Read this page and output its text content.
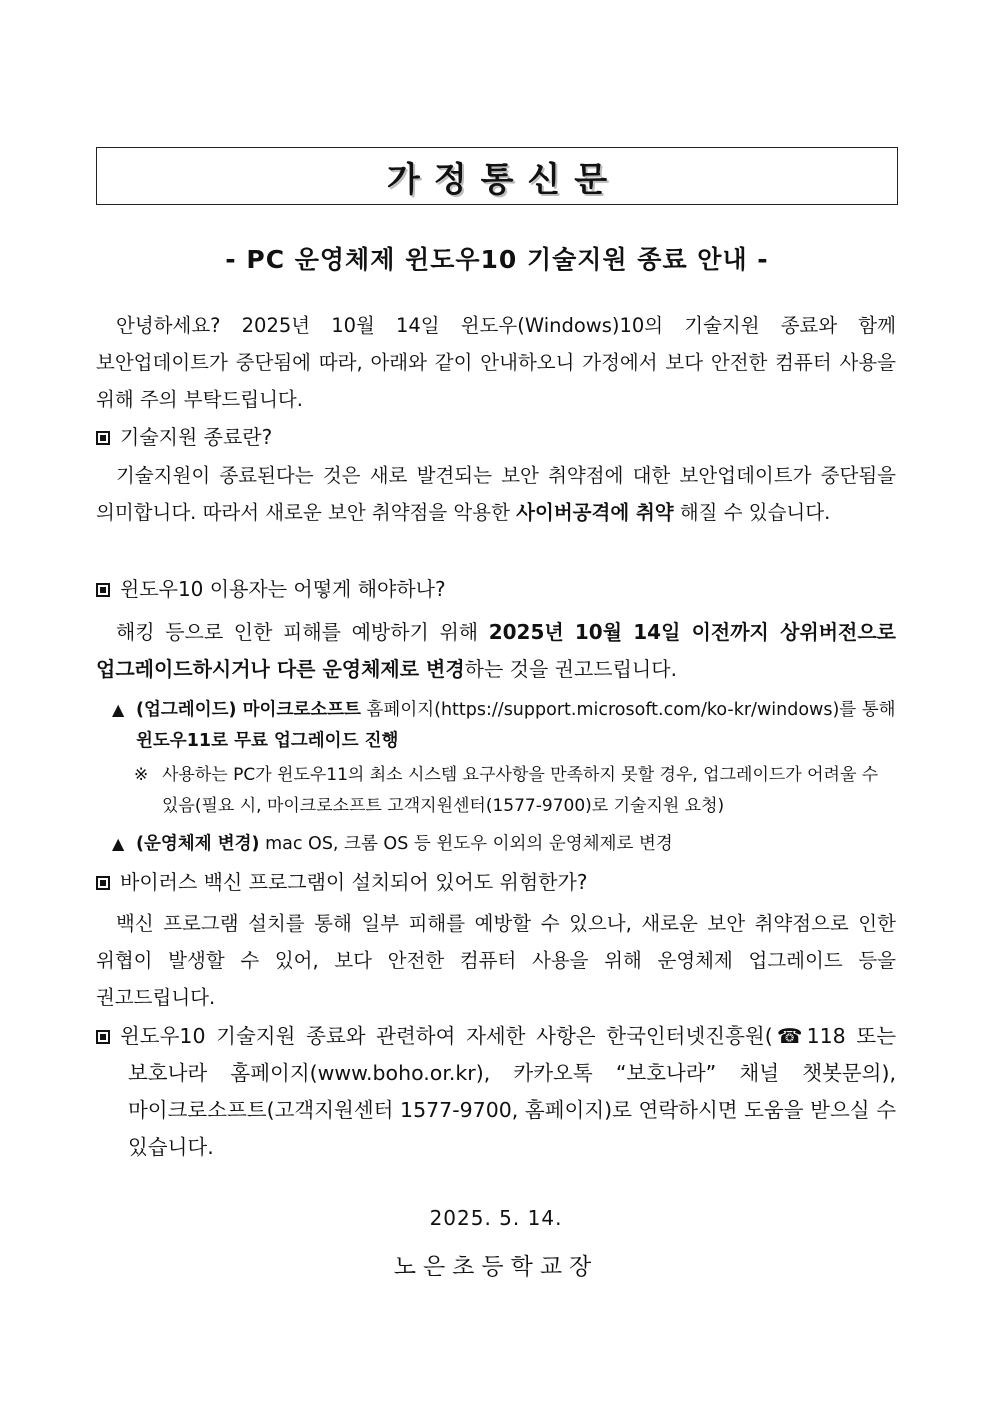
가정통신문
- PC 운영체제 윈도우10 기술지원 종료 안내 -
안녕하세요? 2025년 10월 14일 윈도우(Windows)10의 기술지원 종료와 함께 보안업데이트가 중단됨에 따라, 아래와 같이 안내하오니 가정에서 보다 안전한 컴퓨터 사용을 위해 주의 부탁드립니다.
기술지원 종료란?
기술지원이 종료된다는 것은 새로 발견되는 보안 취약점에 대한 보안업데이트가 중단됨을 의미합니다. 따라서 새로운 보안 취약점을 악용한 사이버공격에 취약 해질 수 있습니다.
윈도우10 이용자는 어떻게 해야하나?
해킹 등으로 인한 피해를 예방하기 위해 2025년 10월 14일 이전까지 상위버전으로 업그레이드하시거나 다른 운영체제로 변경하는 것을 권고드립니다.
▲ (업그레이드) 마이크로소프트 홈페이지(https://support.microsoft.com/ko-kr/windows)를 통해 윈도우11로 무료 업그레이드 진행
※ 사용하는 PC가 윈도우11의 최소 시스템 요구사항을 만족하지 못할 경우, 업그레이드가 어려울 수 있음(필요 시, 마이크로소프트 고객지원센터(1577-9700)로 기술지원 요청)
▲ (운영체제 변경) mac OS, 크롬 OS 등 윈도우 이외의 운영체제로 변경
바이러스 백신 프로그램이 설치되어 있어도 위험한가?
백신 프로그램 설치를 통해 일부 피해를 예방할 수 있으나, 새로운 보안 취약점으로 인한 위협이 발생할 수 있어, 보다 안전한 컴퓨터 사용을 위해 운영체제 업그레이드 등을 권고드립니다.
윈도우10 기술지원 종료와 관련하여 자세한 사항은 한국인터넷진흥원(☎118 또는 보호나라 홈페이지(www.boho.or.kr), 카카오톡 “보호나라” 채널 챗봇문의), 마이크로소프트(고객지원센터 1577-9700, 홈페이지)로 연락하시면 도움을 받으실 수 있습니다.
2025. 5. 14.
노은초등학교장
